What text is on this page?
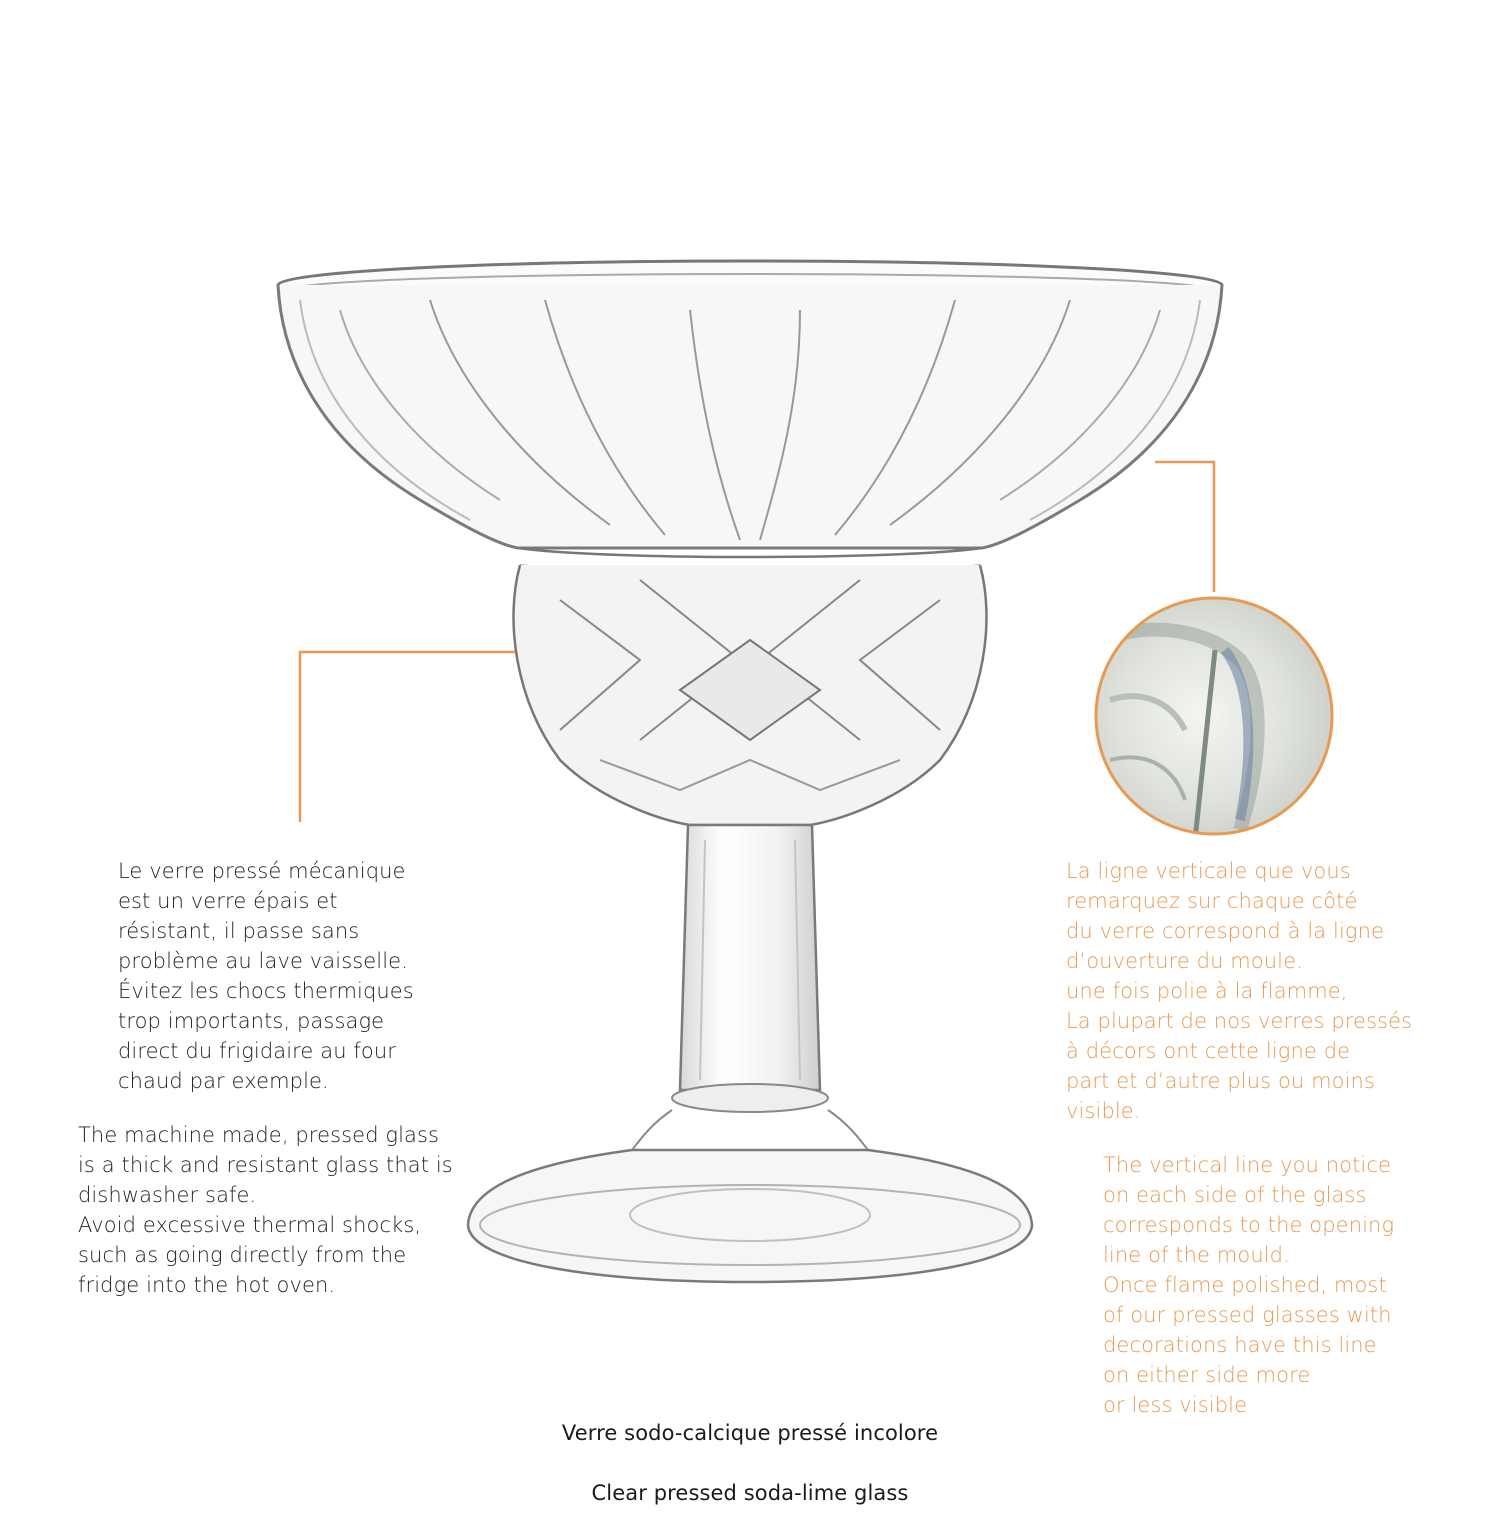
Le verre pressé mécanique
est un verre épais et
résistant, il passe sans
problème au lave vaisselle.
Évitez les chocs thermiques
trop importants, passage
direct du frigidaire au four
chaud par exemple.

The machine made, pressed glass
is a thick and resistant glass that is
dishwasher safe.
Avoid excessive thermal shocks,
such as going directly from the
fridge into the hot oven.

La ligne verticale que vous
remarquez sur chaque côté
du verre correspond à la ligne
d’ouverture du moule.
une fois polie à la flamme,
La plupart de nos verres pressés
à décors ont cette ligne de
part et d’autre plus ou moins
visible.

The vertical line you notice
on each side of the glass
corresponds to the opening
line of the mould.
Once flame polished, most
of our pressed glasses with
decorations have this line
on either side more
or less visible

Verre sodo-calcique pressé incolore

Clear pressed soda-lime glass
